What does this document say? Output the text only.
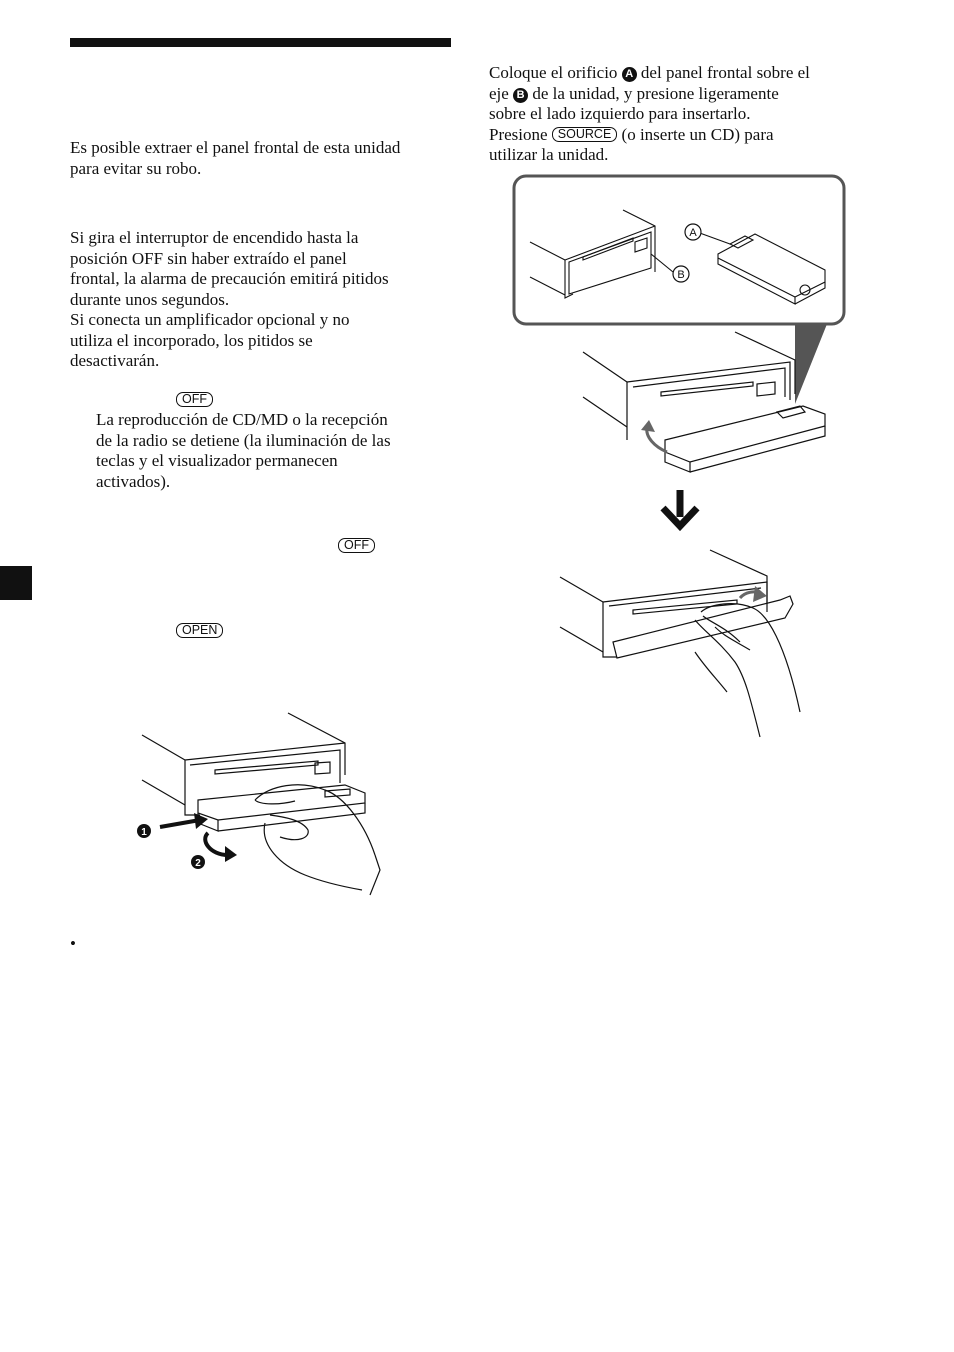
Es posible extraer el panel frontal de esta unidad para evitar su robo.

Si gira el interruptor de encendido hasta la
posición OFF sin haber extraído el panel
frontal, la alarma de precaución emitirá pitidos
durante unos segundos.
Si conecta un amplificador opcional y no
utiliza el incorporado, los pitidos se
desactivarán.
OFF
La reproducción de CD/MD o la recepción
de la radio se detiene (la iluminación de las
teclas y el visualizador permanecen
activados).
OFF
OPEN
1
2
•
Coloque el orificio A del panel frontal sobre el
eje B de la unidad, y presione ligeramente
sobre el lado izquierdo para insertarlo.
Presione SOURCE (o inserte un CD) para
utilizar la unidad.
A
B
